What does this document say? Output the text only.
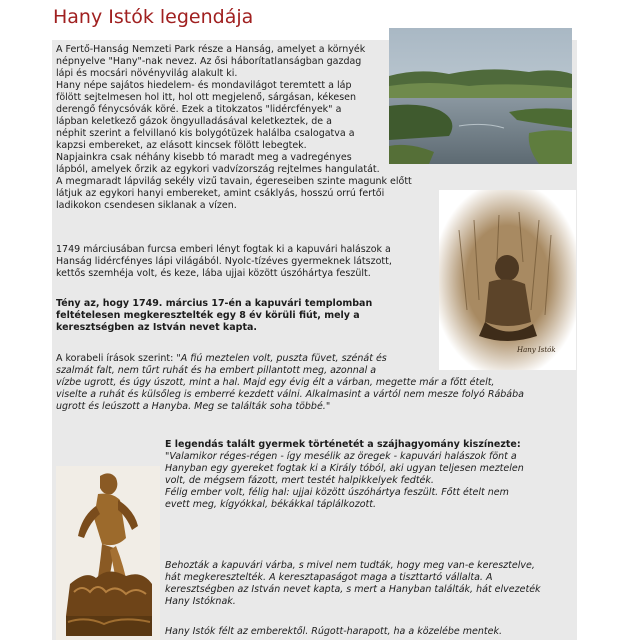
Hany Istók legendája
Hany Istók
A Fertő-Hanság Nemzeti Park része a Hanság, amelyet a környék
népnyelve "Hany"-nak nevez. Az ősi háborítatlanságban gazdag
lápi és mocsári növényvilág alakult ki.
Hany népe sajátos hiedelem- és mondavilágot teremtett a láp
fölött sejtelmesen hol itt, hol ott megjelenő, sárgásan, kékesen
derengő fénycsóvák köré. Ezek a titokzatos "lidércfények" a
lápban keletkező gázok öngyulladásával keletkeztek, de a
néphit szerint a felvillanó kis bolygótüzek halálba csalogatva a
kapzsi embereket, az elásott kincsek fölött lebegtek.
Napjainkra csak néhány kisebb tó maradt meg a vadregényes
lápból, amelyek őrzik az egykori vadvízország rejtelmes hangulatát.
A megmaradt lápvilág sekély vizű tavain, égereseiben szinte magunk előtt
látjuk az egykori hanyi embereket, amint csáklyás, hosszú orrú fertői
ladikokon csendesen siklanak a vízen.
1749 márciusában furcsa emberi lényt fogtak ki a kapuvári halászok a
Hanság lidércfényes lápi világából. Nyolc-tízéves gyermeknek látszott,
kettős szemhéja volt, és keze, lába ujjai között úszóhártya feszült.
Tény az, hogy 1749. március 17-én a kapuvári templomban
feltételesen megkeresztelték egy 8 év körüli fiút, mely a
keresztségben az István nevet kapta.
A korabeli írások szerint: "A fiú meztelen volt, puszta füvet, szénát és
szalmát falt, nem tűrt ruhát és ha embert pillantott meg, azonnal a
vízbe ugrott, és úgy úszott, mint a hal. Majd egy évig élt a várban, megette már a főtt ételt,
viselte a ruhát és külsőleg is emberré kezdett válni. Alkalmasint a vártól nem mesze folyó Rábába
ugrott és leúszott a Hanyba. Meg se találták soha többé."
E legendás talált gyermek történetét a szájhagyomány kiszínezte:
"Valamikor réges-régen - így mesélik az öregek - kapuvári halászok fönt a
Hanyban egy gyereket fogtak ki a Király tóból, aki ugyan teljesen meztelen
volt, de mégsem fázott, mert testét halpikkelyek fedték.
Félig ember volt, félig hal: ujjai között úszóhártya feszült. Főtt ételt nem
evett meg, kígyókkal, békákkal táplálkozott.
Behozták a kapuvári várba, s mivel nem tudták, hogy meg van-e keresztelve,
hát megkeresztelték. A keresztapaságot maga a tiszttartó vállalta. A
keresztségben az István nevet kapta, s mert a Hanyban találták, hát elvezeték
Hany Istóknak.
Hany Istók félt az emberektől. Rúgott-harapott, ha a közelébe mentek.
